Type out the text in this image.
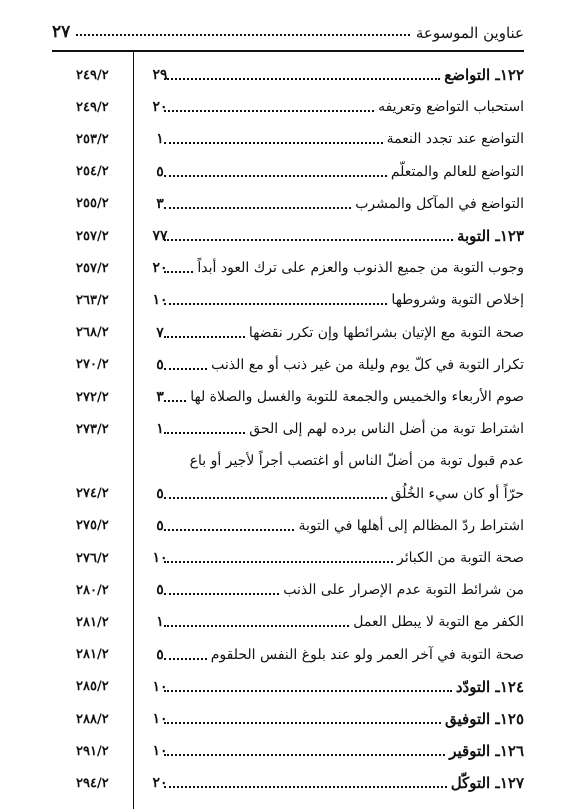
عناوين الموسوعة
٢٧
١٢٢ـ التواضع
٢٩
٢٤٩/٢
استحباب التواضع وتعريفه
٢٠
٢٤٩/٢
التواضع عند تجدد النعمة
١
٢٥٣/٢
التواضع للعالم والمتعلّم
٥
٢٥٤/٢
التواضع في المآكل والمشرب
٣
٢٥٥/٢
١٢٣ـ التوبة
٧٧
٢٥٧/٢
وجوب التوبة من جميع الذنوب والعزم على ترك العود أبداً
٢٠
٢٥٧/٢
إخلاص التوبة وشروطها
١٠
٢٦٣/٢
صحة التوبة مع الإتيان بشرائطها وإن تكرر نقضها
٧
٢٦٨/٢
تكرار التوبة في كلّ يوم وليلة من غير ذنب أو مع الذنب
٥
٢٧٠/٢
صوم الأربعاء والخميس والجمعة للتوبة والغسل والصلاة لها
٣
٢٧٢/٢
اشتراط توبة من أضل الناس برده لهم إلى الحق
١
٢٧٣/٢
عدم قبول توبة من أضلّ الناس أو اغتصب أجراً لأجير أو باع
حرّاً أو كان سيء الخُلُق
٥
٢٧٤/٢
اشتراط ردّ المظالم إلى أهلها في التوبة
٥
٢٧٥/٢
صحة التوبة من الكبائر
١٠
٢٧٦/٢
من شرائط التوبة عدم الإصرار على الذنب
٥
٢٨٠/٢
الكفر مع التوبة لا يبطل العمل
١
٢٨١/٢
صحة التوبة في آخر العمر ولو عند بلوغ النفس الحلقوم
٥
٢٨١/٢
١٢٤ـ التودّد
١٠
٢٨٥/٢
١٢٥ـ التوفيق
١٠
٢٨٨/٢
١٢٦ـ التوقير
١٠
٢٩١/٢
١٢٧ـ التوكّل
٢٠
٢٩٤/٢
